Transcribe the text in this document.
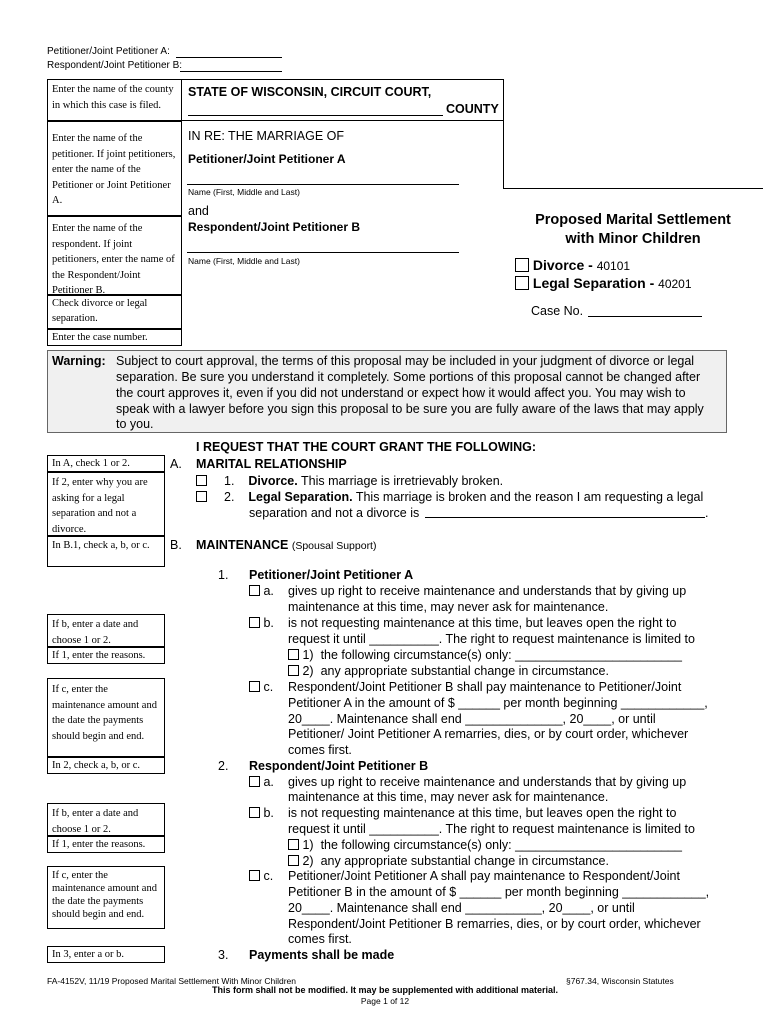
Petitioner/Joint Petitioner A:
Respondent/Joint Petitioner B:
Enter the name of the county in which this case is filed.
Enter the name of the petitioner. If joint petitioners, enter the name of the Petitioner or Joint Petitioner A.
Enter the name of the respondent. If joint petitioners, enter the name of the Respondent/Joint Petitioner B.
Check divorce or legal separation.
Enter the case number.
STATE OF WISCONSIN, CIRCUIT COURT,
COUNTY
IN RE: THE MARRIAGE OF
Petitioner/Joint Petitioner A
Name (First, Middle and Last)
and
Respondent/Joint Petitioner B
Name (First, Middle and Last)
Proposed Marital Settlement
with Minor Children
Divorce - 40101
Legal Separation - 40201
Case No.
Warning: Subject to court approval, the terms of this proposal may be included in your judgment of divorce or legal
separation. Be sure you understand it completely. Some portions of this proposal cannot be changed after
the court approves it, even if you did not understand or expect how it would affect you. You may wish to
speak with a lawyer before you sign this proposal to be sure you are fully aware of the laws that may apply
to you.
I REQUEST THAT THE COURT GRANT THE FOLLOWING:
In A, check 1 or 2.
If 2, enter why you are asking for a legal separation and not a divorce.
In B.1, check a, b, or c.
If b, enter a date and choose 1 or 2.
If 1, enter the reasons.
If c, enter the maintenance amount and the date the payments should begin and end.
In 2, check a, b, or c.
If b, enter a date and choose 1 or 2.
If 1, enter the reasons.
If c, enter the maintenance amount and the date the payments should begin and end.
In 3, enter a or b.
A. MARITAL RELATIONSHIP
1. Divorce. This marriage is irretrievably broken.
2. Legal Separation. This marriage is broken and the reason I am requesting a legal
separation and not a divorce is	.
B. MAINTENANCE (Spousal Support)
1. Petitioner/Joint Petitioner A
a. gives up right to receive maintenance and understands that by giving up
maintenance at this time, may never ask for maintenance.
b. is not requesting maintenance at this time, but leaves open the right to
request it until __________. The right to request maintenance is limited to
1) the following circumstance(s) only: ________________________
2) any appropriate substantial change in circumstance.
c. Respondent/Joint Petitioner B shall pay maintenance to Petitioner/Joint
Petitioner A in the amount of $ ______ per month beginning ____________,
20____. Maintenance shall end ______________, 20____, or until
Petitioner/ Joint Petitioner A remarries, dies, or by court order, whichever
comes first.
2. Respondent/Joint Petitioner B
a. gives up right to receive maintenance and understands that by giving up
maintenance at this time, may never ask for maintenance.
b. is not requesting maintenance at this time, but leaves open the right to
request it until __________. The right to request maintenance is limited to
1) the following circumstance(s) only: ________________________
2) any appropriate substantial change in circumstance.
c. Petitioner/Joint Petitioner A shall pay maintenance to Respondent/Joint
Petitioner B in the amount of $ ______ per month beginning ____________,
20____. Maintenance shall end ___________, 20____, or until
Respondent/Joint Petitioner B remarries, dies, or by court order, whichever
comes first.
3. Payments shall be made
FA-4152V, 11/19 Proposed Marital Settlement With Minor Children	§767.34, Wisconsin Statutes
This form shall not be modified. It may be supplemented with additional material.
Page 1 of 12
